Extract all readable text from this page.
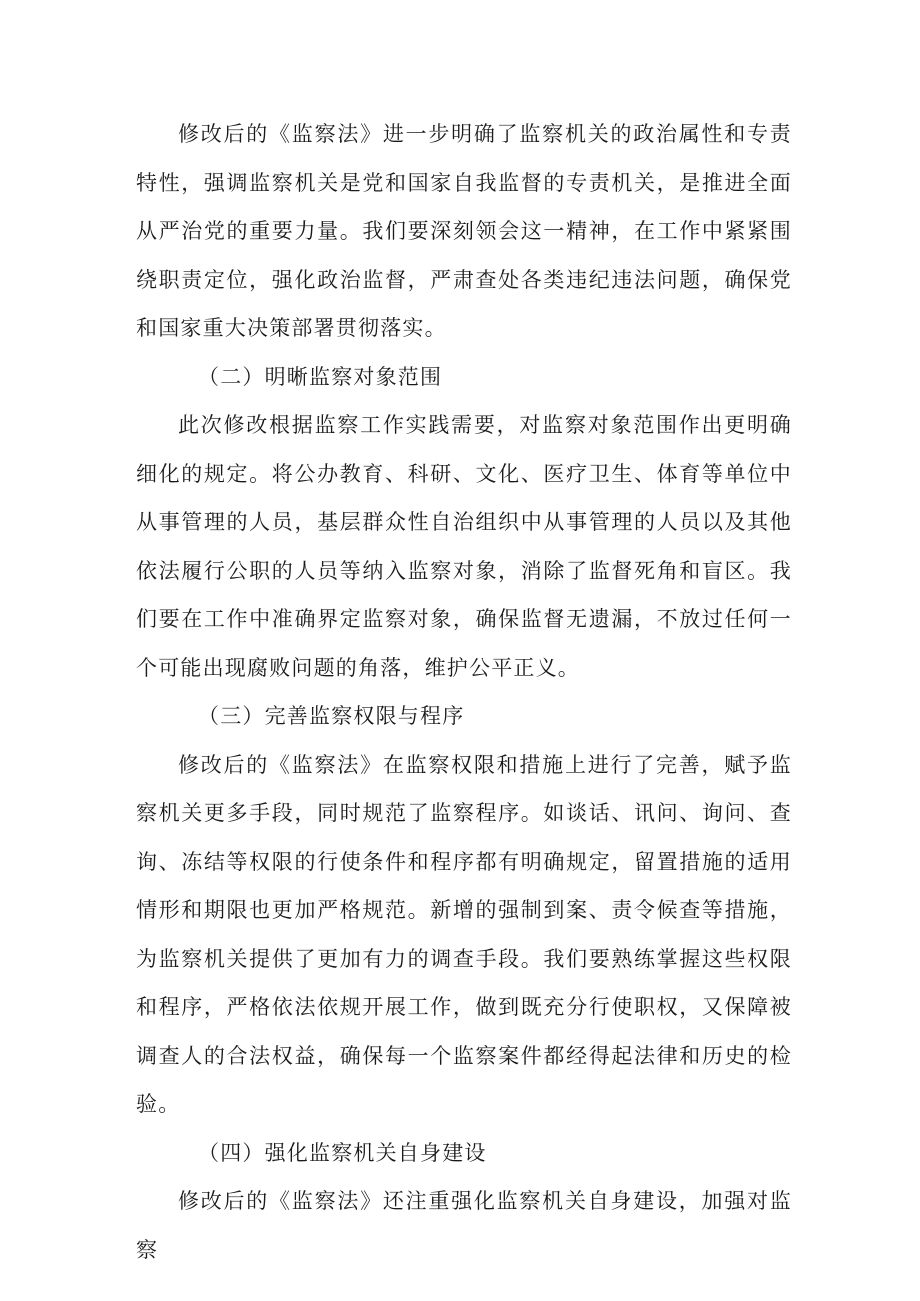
修改后的《监察法》进一步明确了监察机关的政治属性和专责特性，强调监察机关是党和国家自我监督的专责机关，是推进全面从严治党的重要力量。我们要深刻领会这一精神，在工作中紧紧围绕职责定位，强化政治监督，严肃查处各类违纪违法问题，确保党和国家重大决策部署贯彻落实。

（二）明晰监察对象范围

此次修改根据监察工作实践需要，对监察对象范围作出更明确细化的规定。将公办教育、科研、文化、医疗卫生、体育等单位中从事管理的人员，基层群众性自治组织中从事管理的人员以及其他依法履行公职的人员等纳入监察对象，消除了监督死角和盲区。我们要在工作中准确界定监察对象，确保监督无遗漏，不放过任何一个可能出现腐败问题的角落，维护公平正义。

（三）完善监察权限与程序

修改后的《监察法》在监察权限和措施上进行了完善，赋予监察机关更多手段，同时规范了监察程序。如谈话、讯问、询问、查询、冻结等权限的行使条件和程序都有明确规定，留置措施的适用情形和期限也更加严格规范。新增的强制到案、责令候查等措施，为监察机关提供了更加有力的调查手段。我们要熟练掌握这些权限和程序，严格依法依规开展工作，做到既充分行使职权，又保障被调查人的合法权益，确保每一个监察案件都经得起法律和历史的检验。

（四）强化监察机关自身建设

修改后的《监察法》还注重强化监察机关自身建设，加强对监察
